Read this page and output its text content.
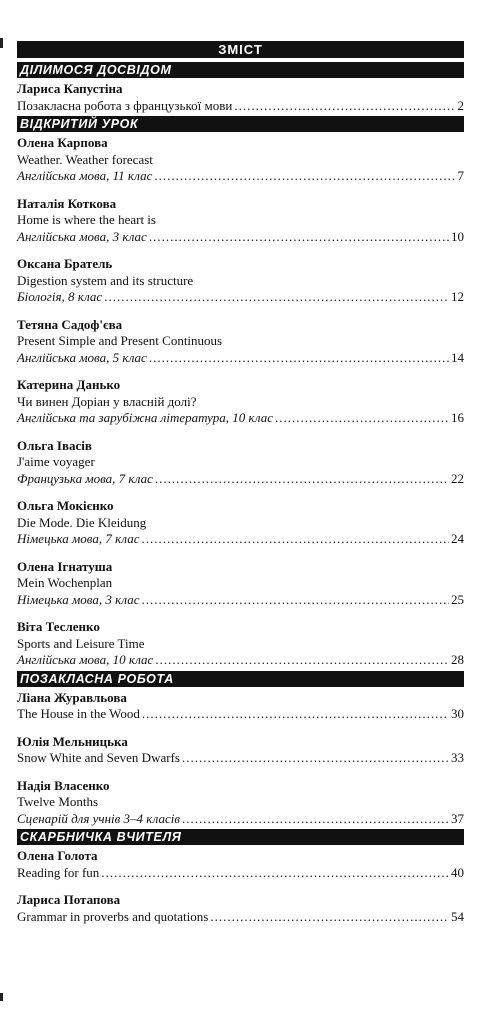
ЗМІСТ
ДІЛИМОСЯ ДОСВІДОМ
Лариса Капустіна
Позакласна робота з французької мови .....	2
ВІДКРИТИЙ УРОК
Олена Карпова
Weather. Weather forecast
Англійська мова, 11 клас .....	7
Наталія Коткова
Home is where the heart is
Англійська мова, 3 клас .....	10
Оксана Братель
Digestion system and its structure
Біологія, 8 клас .....	12
Тетяна Садоф'єва
Present Simple and Present Continuous
Англійська мова, 5 клас .....	14
Катерина Данько
Чи винен Доріан у власній долі?
Англійська та зарубіжна література, 10 клас .....	16
Ольга Івасів
J'aime voyager
Французька мова, 7 клас .....	22
Ольга Мокієнко
Die Mode. Die Kleidung
Німецька мова, 7 клас .....	24
Олена Ігнатуша
Mein Wochenplan
Німецька мова, 3 клас .....	25
Віта Тесленко
Sports and Leisure Time
Англійська мова, 10 клас .....	28
ПОЗАКЛАСНА РОБОТА
Ліана Журавльова
The House in the Wood .....	30
Юлія Мельницька
Snow White and Seven Dwarfs .....	33
Надія Власенко
Twelve Months
Сценарій для учнів 3–4 класів .....	37
СКАРБНИЧКА ВЧИТЕЛЯ
Олена Голота
Reading for fun .....	40
Лариса Потапова
Grammar in proverbs and quotations .....	54
